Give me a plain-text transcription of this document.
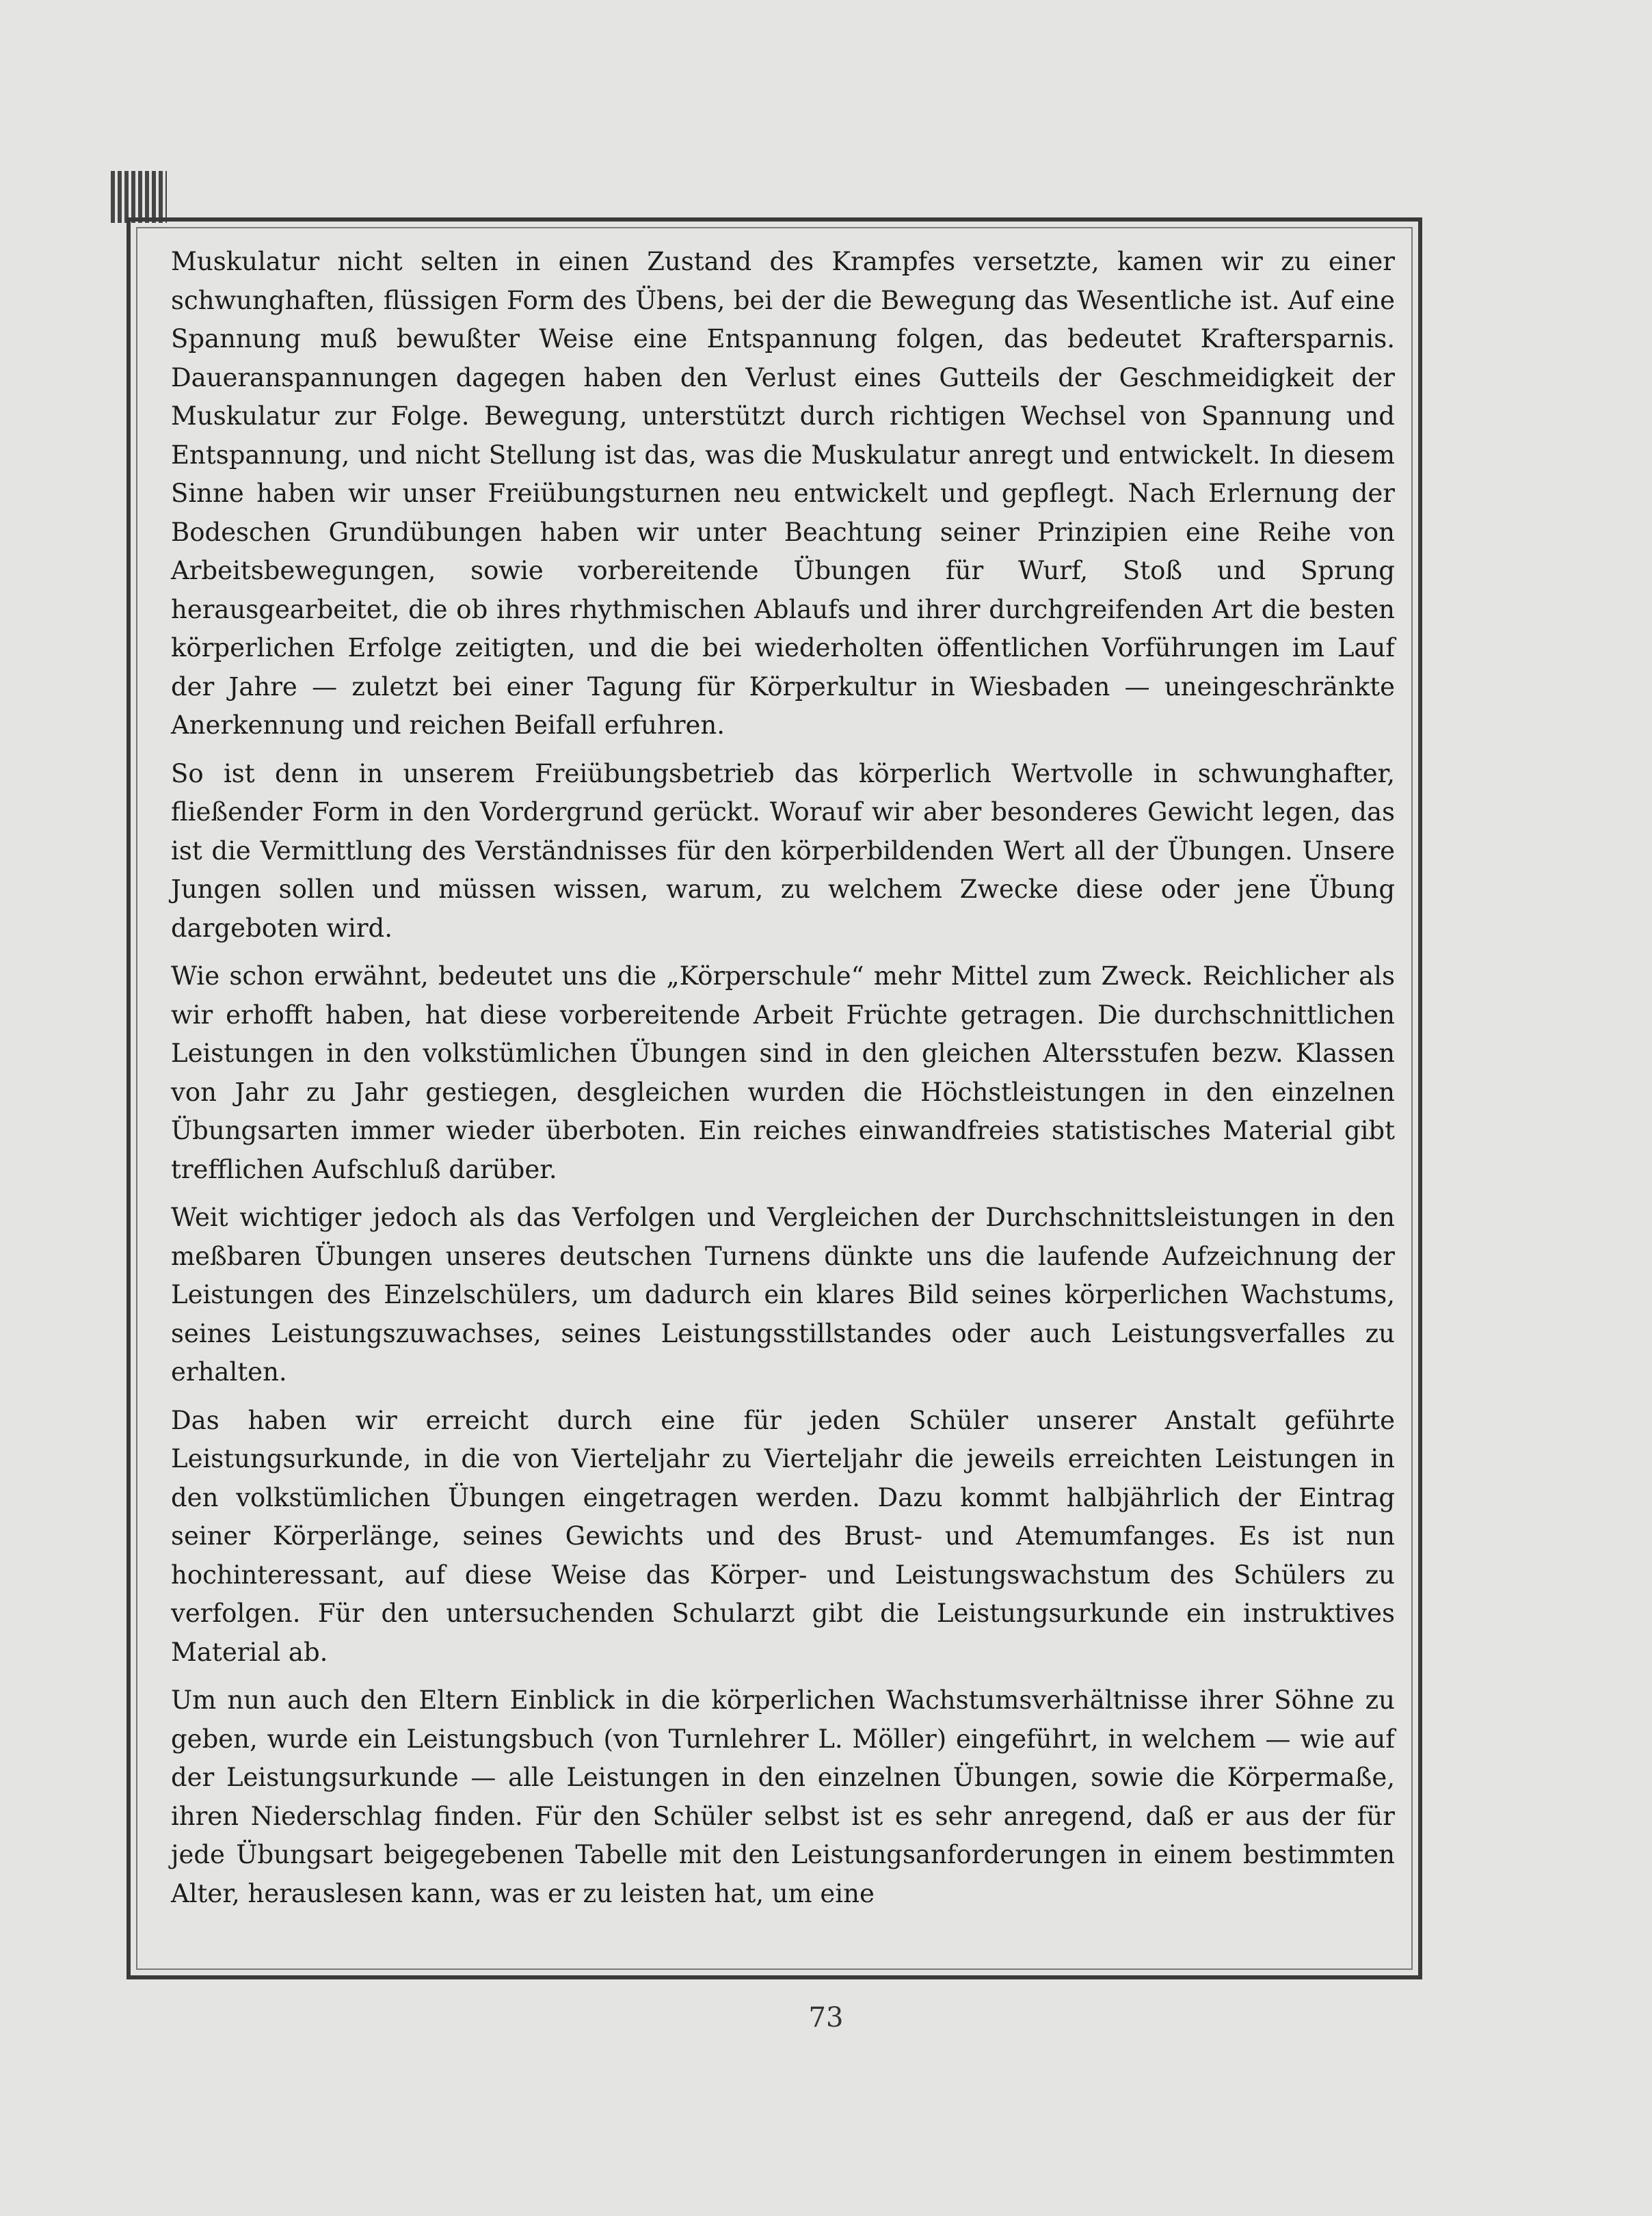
Muskulatur nicht selten in einen Zustand des Krampfes versetzte, kamen wir zu einer schwunghaften, flüssigen Form des Übens, bei der die Bewegung das Wesentliche ist. Auf eine Spannung muß bewußter Weise eine Entspannung folgen, das bedeutet Kraftersparnis. Daueranspannungen dagegen haben den Verlust eines Gutteils der Geschmeidigkeit der Muskulatur zur Folge. Bewegung, unterstützt durch richtigen Wechsel von Spannung und Entspannung, und nicht Stellung ist das, was die Muskulatur anregt und entwickelt. In diesem Sinne haben wir unser Freiübungsturnen neu entwickelt und gepflegt. Nach Erlernung der Bodeschen Grundübungen haben wir unter Beachtung seiner Prinzipien eine Reihe von Arbeitsbewegungen, sowie vorbereitende Übungen für Wurf, Stoß und Sprung herausgearbeitet, die ob ihres rhythmischen Ablaufs und ihrer durchgreifenden Art die besten körperlichen Erfolge zeitigten, und die bei wiederholten öffentlichen Vorführungen im Lauf der Jahre — zuletzt bei einer Tagung für Körperkultur in Wiesbaden — uneingeschränkte Anerkennung und reichen Beifall erfuhren.

So ist denn in unserem Freiübungsbetrieb das körperlich Wertvolle in schwunghafter, fließender Form in den Vordergrund gerückt. Worauf wir aber besonderes Gewicht legen, das ist die Vermittlung des Verständnisses für den körperbildenden Wert all der Übungen. Unsere Jungen sollen und müssen wissen, warum, zu welchem Zwecke diese oder jene Übung dargeboten wird.

Wie schon erwähnt, bedeutet uns die „Körperschule“ mehr Mittel zum Zweck. Reichlicher als wir erhofft haben, hat diese vorbereitende Arbeit Früchte getragen. Die durchschnittlichen Leistungen in den volkstümlichen Übungen sind in den gleichen Altersstufen bezw. Klassen von Jahr zu Jahr gestiegen, desgleichen wurden die Höchstleistungen in den einzelnen Übungsarten immer wieder überboten. Ein reiches einwandfreies statistisches Material gibt trefflichen Aufschluß darüber.

Weit wichtiger jedoch als das Verfolgen und Vergleichen der Durchschnittsleistungen in den meßbaren Übungen unseres deutschen Turnens dünkte uns die laufende Aufzeichnung der Leistungen des Einzelschülers, um dadurch ein klares Bild seines körperlichen Wachstums, seines Leistungszuwachses, seines Leistungsstillstandes oder auch Leistungsverfalles zu erhalten.

Das haben wir erreicht durch eine für jeden Schüler unserer Anstalt geführte Leistungsurkunde, in die von Vierteljahr zu Vierteljahr die jeweils erreichten Leistungen in den volkstümlichen Übungen eingetragen werden. Dazu kommt halbjährlich der Eintrag seiner Körperlänge, seines Gewichts und des Brust- und Atemumfanges. Es ist nun hochinteressant, auf diese Weise das Körper- und Leistungswachstum des Schülers zu verfolgen. Für den untersuchenden Schularzt gibt die Leistungsurkunde ein instruktives Material ab.

Um nun auch den Eltern Einblick in die körperlichen Wachstumsverhältnisse ihrer Söhne zu geben, wurde ein Leistungsbuch (von Turnlehrer L. Möller) eingeführt, in welchem — wie auf der Leistungsurkunde — alle Leistungen in den einzelnen Übungen, sowie die Körpermaße, ihren Niederschlag finden. Für den Schüler selbst ist es sehr anregend, daß er aus der für jede Übungsart beigegebenen Tabelle mit den Leistungsanforderungen in einem bestimmten Alter, herauslesen kann, was er zu leisten hat, um eine

73
